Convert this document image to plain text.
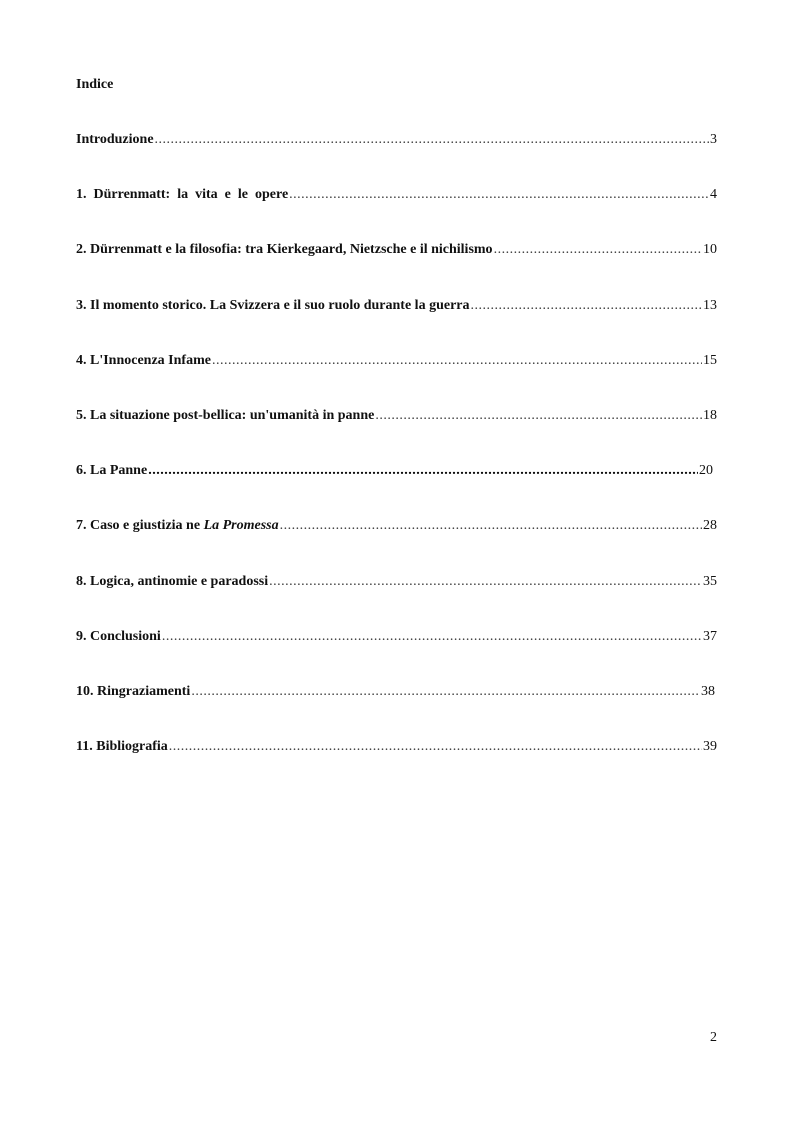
Indice
Introduzione .....	3
1.  Dürrenmatt:  la  vita  e  le  opere .....	4
2. Dürrenmatt e la filosofia: tra Kierkegaard, Nietzsche e il nichilismo .....	10
3. Il momento storico. La Svizzera e il suo ruolo durante la guerra .....	13
4. L'Innocenza Infame .....	15
5. La situazione post-bellica: un'umanità in panne .....	18
6. La Panne .....	20
7. Caso e giustizia ne La Promessa .....	28
8. Logica, antinomie e paradossi .....	35
9. Conclusioni .....	37
10. Ringraziamenti .....	38
11. Bibliografia .....	39
2
